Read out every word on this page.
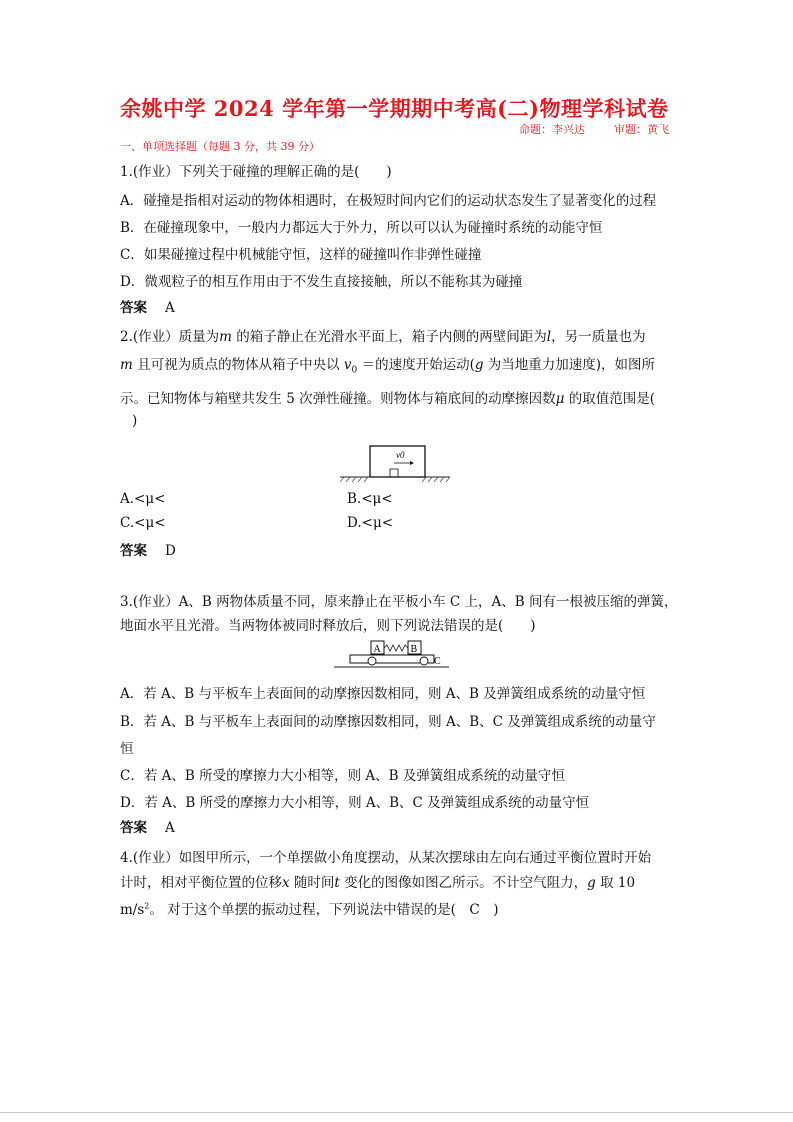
余姚中学 2024 学年第一学期期中考高(二)物理学科试卷
命题：李兴达	审题：黄飞
一、单项选择题（每题 3 分，共 39 分）
1.(作业）下列关于碰撞的理解正确的是(　　)
A．碰撞是指相对运动的物体相遇时，在极短时间内它们的运动状态发生了显著变化的过程
B．在碰撞现象中，一般内力都远大于外力，所以可以认为碰撞时系统的动能守恒
C．如果碰撞过程中机械能守恒，这样的碰撞叫作非弹性碰撞
D．微观粒子的相互作用由于不发生直接接触，所以不能称其为碰撞
答案 A
2.(作业）质量为m 的箱子静止在光滑水平面上，箱子内侧的两壁间距为l，另一质量也为
m 且可视为质点的物体从箱子中央以 $v_0$ ＝的速度开始运动(g 为当地重力加速度)，如图所
示。已知物体与箱壁共发生 5 次弹性碰撞。则物体与箱底间的动摩擦因数μ 的取值范围是(
)
v0
A.<μ<	B.<μ<
C.<μ<	D.<μ<
答案 D
3.(作业）A、B 两物体质量不同，原来静止在平板小车 C 上，A、B 间有一根被压缩的弹簧，
地面水平且光滑。当两物体被同时释放后，则下列说法错误的是(　　)
A	B
C
A．若 A、B 与平板车上表面间的动摩擦因数相同，则 A、B 及弹簧组成系统的动量守恒
B．若 A、B 与平板车上表面间的动摩擦因数相同，则 A、B、C 及弹簧组成系统的动量守
恒
C．若 A、B 所受的摩擦力大小相等，则 A、B 及弹簧组成系统的动量守恒
D．若 A、B 所受的摩擦力大小相等，则 A、B、C 及弹簧组成系统的动量守恒
答案 A
4.(作业）如图甲所示，一个单摆做小角度摆动，从某次摆球由左向右通过平衡位置时开始
计时，相对平衡位置的位移x 随时间t 变化的图像如图乙所示。不计空气阻力，g 取 10
$m/s^2$。 对于这个单摆的振动过程，下列说法中错误的是(　C　)
